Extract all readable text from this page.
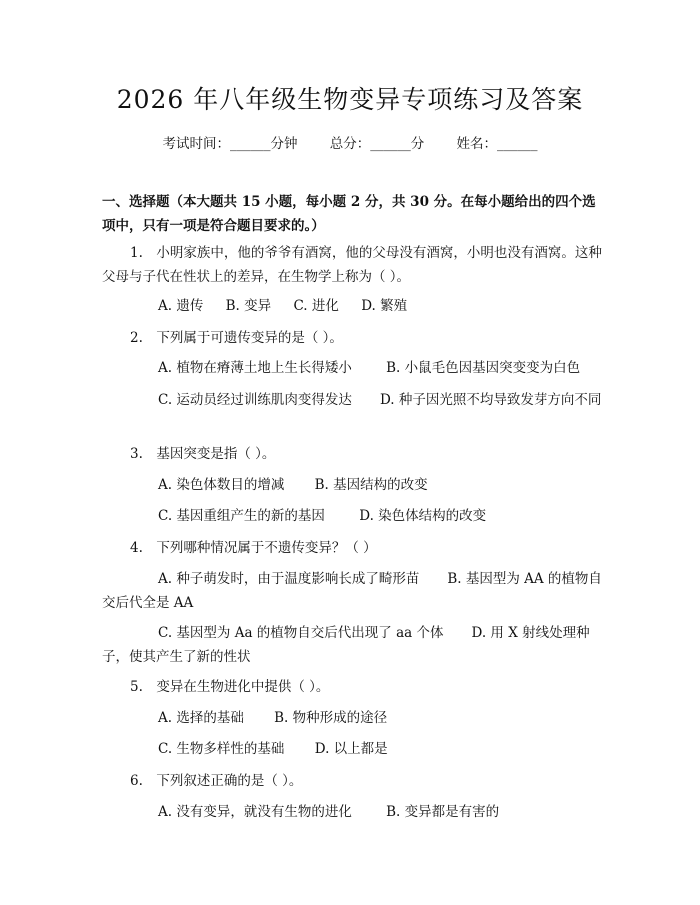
2026 年八年级生物变异专项练习及答案
考试时间：______分钟 总分：______分 姓名：______
一、选择题（本大题共 15 小题，每小题 2 分，共 30 分。在每小题给出的四个选项中，只有一项是符合题目要求的。）
1.　小明家族中，他的爷爷有酒窝，他的父母没有酒窝，小明也没有酒窝。这种父母与子代在性状上的差异，在生物学上称为（ ）。
A. 遗传 B. 变异 C. 进化 D. 繁殖
2.　下列属于可遗传变异的是（ ）。
A. 植物在瘠薄土地上生长得矮小	B. 小鼠毛色因基因突变变为白色
C. 运动员经过训练肌肉变得发达 D. 种子因光照不均导致发芽方向不同
3.　基因突变是指（ ）。
A. 染色体数目的增减 B. 基因结构的改变
C. 基因重组产生的新的基因	D. 染色体结构的改变
4.　下列哪种情况属于不遗传变异？（ ）
A. 种子萌发时，由于温度影响长成了畸形苗 B. 基因型为 AA 的植物自交后代全是 AA
C. 基因型为 Aa 的植物自交后代出现了 aa 个体 D. 用 X 射线处理种子，使其产生了新的性状
5.　变异在生物进化中提供（ ）。
A. 选择的基础 B. 物种形成的途径
C. 生物多样性的基础 D. 以上都是
6.　下列叙述正确的是（ ）。
A. 没有变异，就没有生物的进化	B. 变异都是有害的
